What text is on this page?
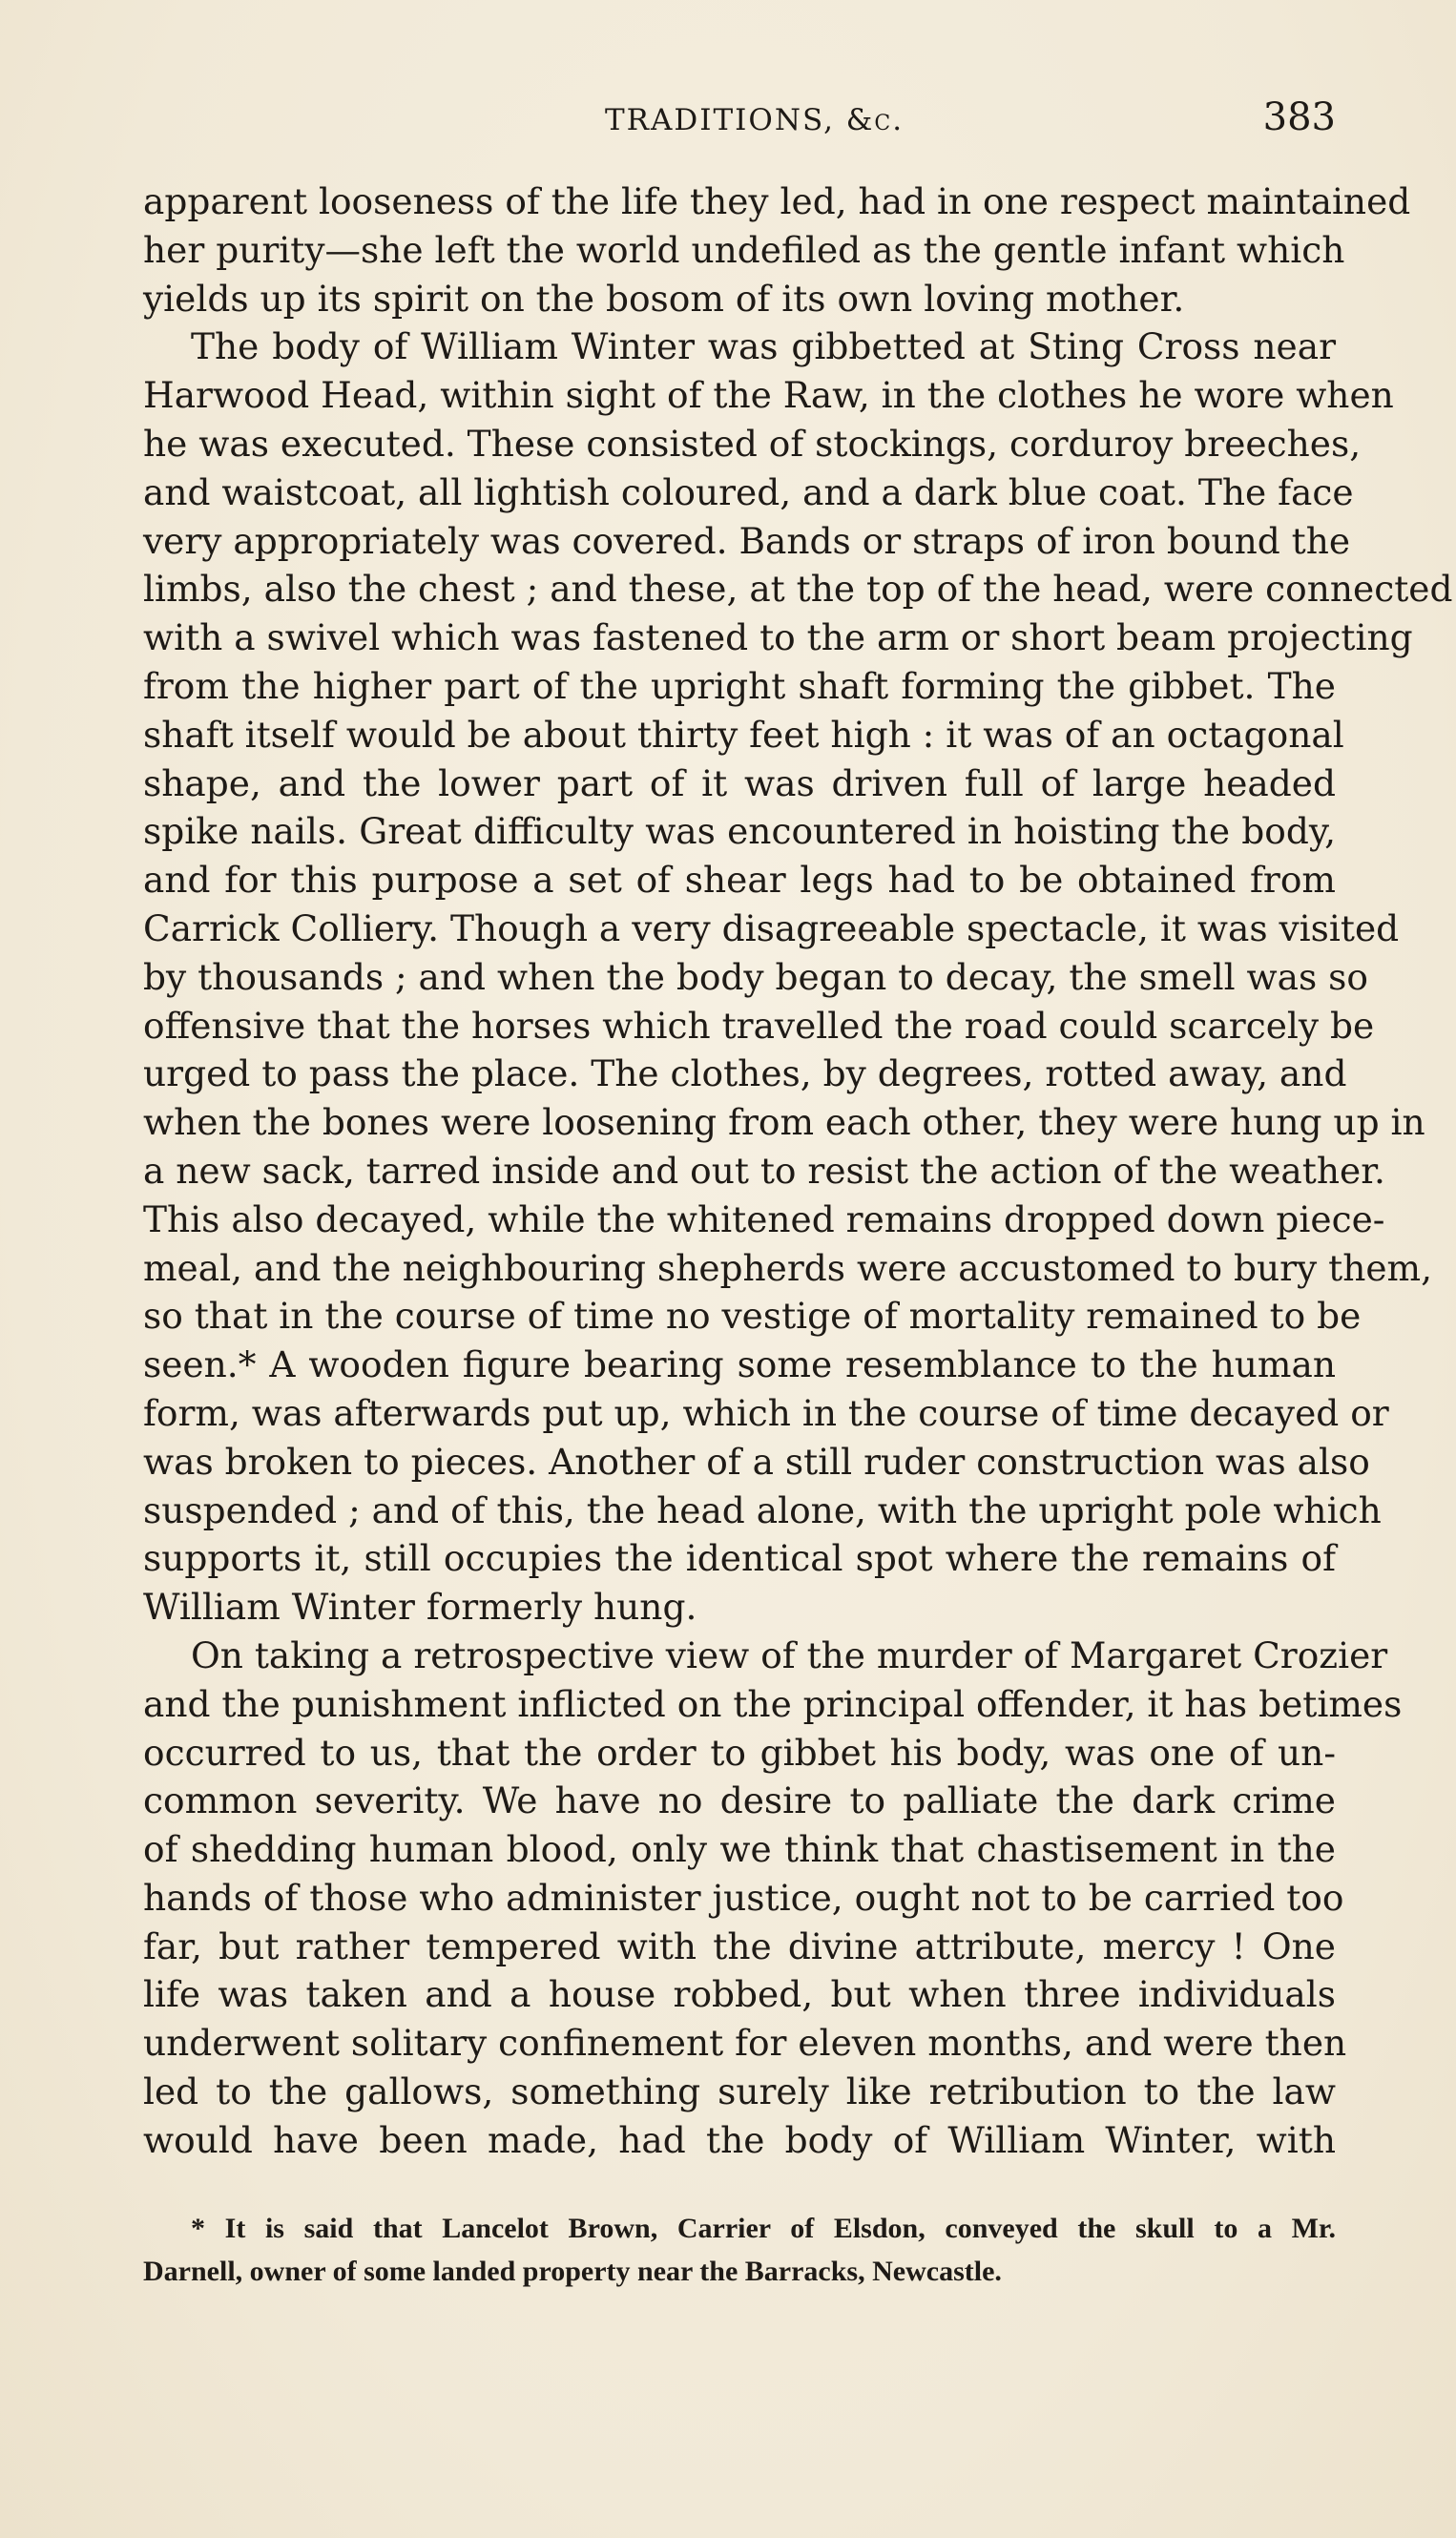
TRADITIONS, &c.	383
apparent looseness of the life they led, had in one respect maintained
her purity—she left the world undefiled as the gentle infant which
yields up its spirit on the bosom of its own loving mother.
The body of William Winter was gibbetted at Sting Cross near
Harwood Head, within sight of the Raw, in the clothes he wore when
he was executed. These consisted of stockings, corduroy breeches,
and waistcoat, all lightish coloured, and a dark blue coat. The face
very appropriately was covered. Bands or straps of iron bound the
limbs, also the chest ; and these, at the top of the head, were connected
with a swivel which was fastened to the arm or short beam projecting
from the higher part of the upright shaft forming the gibbet. The
shaft itself would be about thirty feet high : it was of an octagonal
shape, and the lower part of it was driven full of large headed
spike nails. Great difficulty was encountered in hoisting the body,
and for this purpose a set of shear legs had to be obtained from
Carrick Colliery. Though a very disagreeable spectacle, it was visited
by thousands ; and when the body began to decay, the smell was so
offensive that the horses which travelled the road could scarcely be
urged to pass the place. The clothes, by degrees, rotted away, and
when the bones were loosening from each other, they were hung up in
a new sack, tarred inside and out to resist the action of the weather.
This also decayed, while the whitened remains dropped down piece-
meal, and the neighbouring shepherds were accustomed to bury them,
so that in the course of time no vestige of mortality remained to be
seen.* A wooden figure bearing some resemblance to the human
form, was afterwards put up, which in the course of time decayed or
was broken to pieces. Another of a still ruder construction was also
suspended ; and of this, the head alone, with the upright pole which
supports it, still occupies the identical spot where the remains of
William Winter formerly hung.
On taking a retrospective view of the murder of Margaret Crozier
and the punishment inflicted on the principal offender, it has betimes
occurred to us, that the order to gibbet his body, was one of un-
common severity. We have no desire to palliate the dark crime
of shedding human blood, only we think that chastisement in the
hands of those who administer justice, ought not to be carried too
far, but rather tempered with the divine attribute, mercy ! One
life was taken and a house robbed, but when three individuals
underwent solitary confinement for eleven months, and were then
led to the gallows, something surely like retribution to the law
would have been made, had the body of William Winter, with
* It is said that Lancelot Brown, Carrier of Elsdon, conveyed the skull to a Mr.
Darnell, owner of some landed property near the Barracks, Newcastle.
